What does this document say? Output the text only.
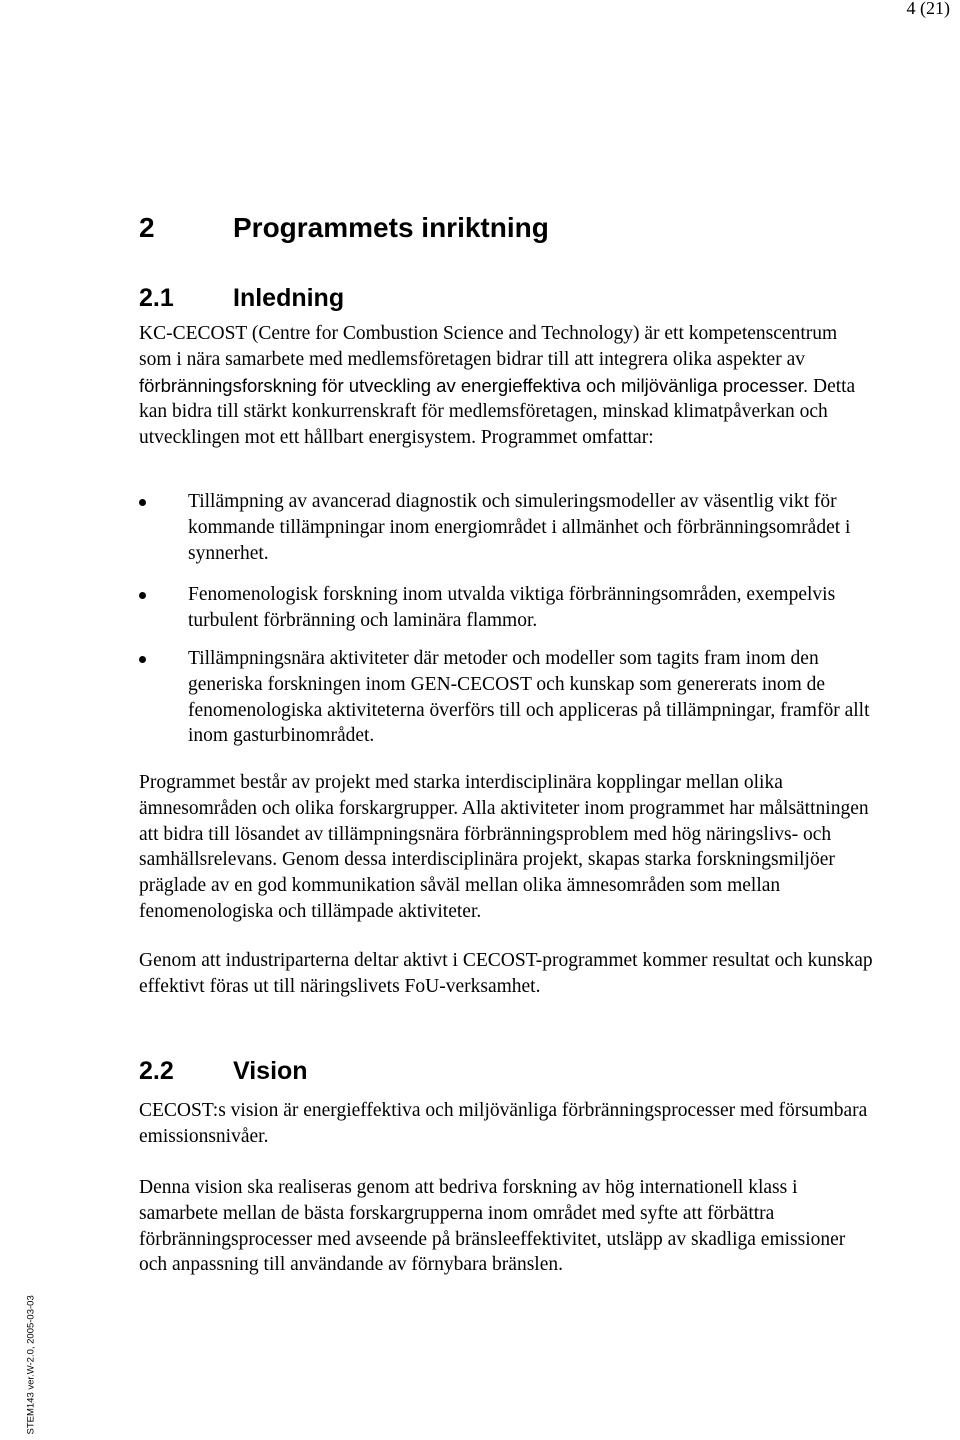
4 (21)
2	Programmets inriktning
2.1 Inledning

KC-CECOST (Centre for Combustion Science and Technology) är ett kompetenscentrum som i nära samarbete med medlemsföretagen bidrar till att integrera olika aspekter av förbränningsforskning för utveckling av energieffektiva och miljövänliga processer. Detta kan bidra till stärkt konkurrenskraft för medlemsföretagen, minskad klimatpåverkan och utvecklingen mot ett hållbart energisystem. Programmet omfattar:

Tillämpning av avancerad diagnostik och simuleringsmodeller av väsentlig vikt för kommande tillämpningar inom energiområdet i allmänhet och förbränningsområdet i synnerhet.
Fenomenologisk forskning inom utvalda viktiga förbränningsområden, exempelvis turbulent förbränning och laminära flammor.
Tillämpningsnära aktiviteter där metoder och modeller som tagits fram inom den generiska forskningen inom GEN-CECOST och kunskap som genererats inom de fenomenologiska aktiviteterna överförs till och appliceras på tillämpningar, framför allt inom gasturbinområdet.

Programmet består av projekt med starka interdisciplinära kopplingar mellan olika ämnesområden och olika forskargrupper. Alla aktiviteter inom programmet har målsättningen att bidra till lösandet av tillämpningsnära förbränningsproblem med hög näringslivs- och samhällsrelevans. Genom dessa interdisciplinära projekt, skapas starka forskningsmiljöer präglade av en god kommunikation såväl mellan olika ämnesområden som mellan fenomenologiska och tillämpade aktiviteter.

Genom att industriparterna deltar aktivt i CECOST-programmet kommer resultat och kunskap effektivt föras ut till näringslivets FoU-verksamhet.

2.2 Vision

CECOST:s vision är energieffektiva och miljövänliga förbränningsprocesser med försumbara emissionsnivåer.

Denna vision ska realiseras genom att bedriva forskning av hög internationell klass i samarbete mellan de bästa forskargrupperna inom området med syfte att förbättra förbränningsprocesser med avseende på bränsleeffektivitet, utsläpp av skadliga emissioner och anpassning till användande av förnybara bränslen.

STEM143 ver.W-2.0, 2005-03-03
